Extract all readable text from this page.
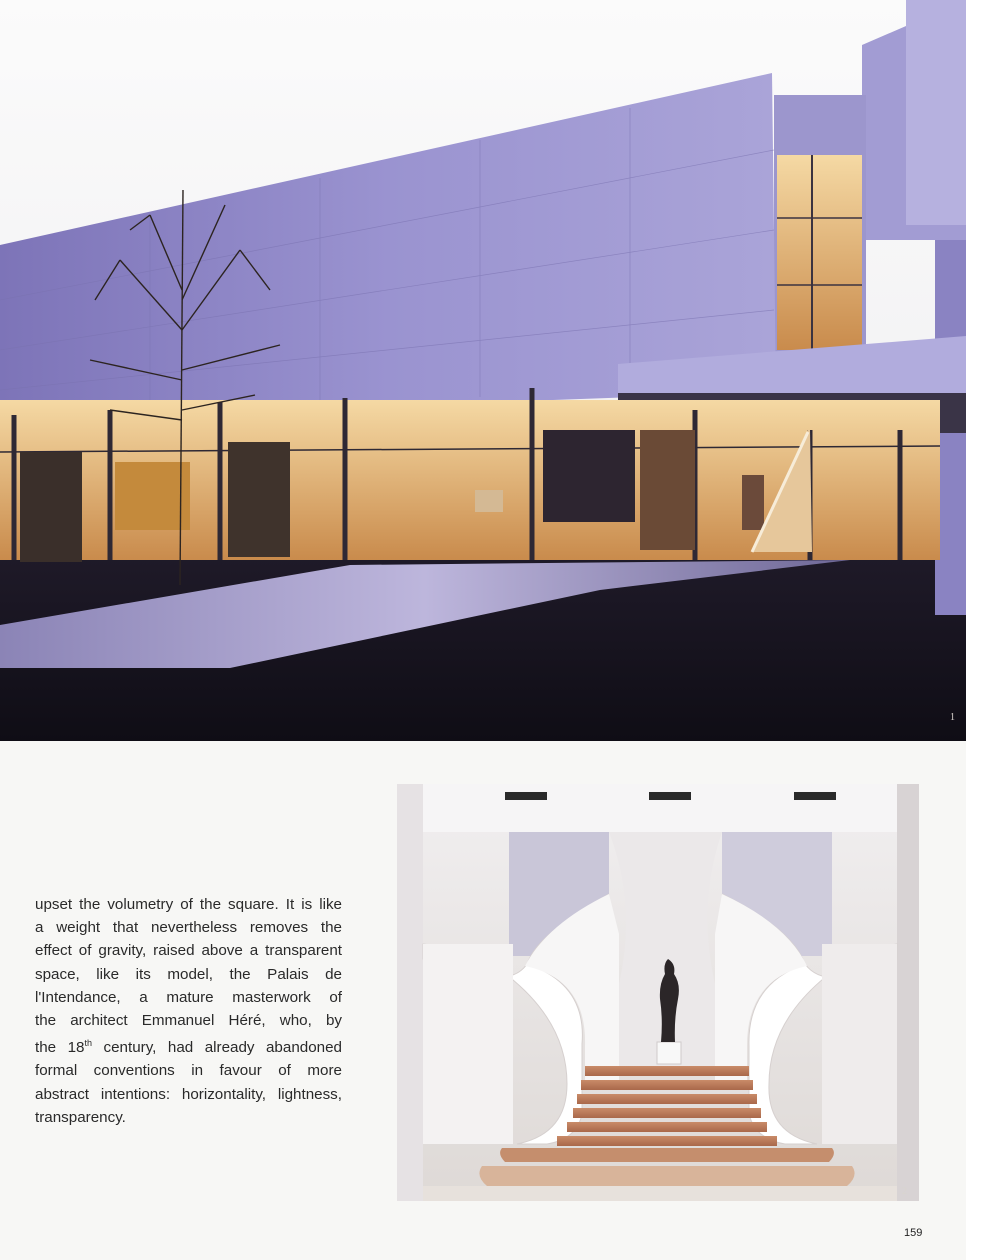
1
2
upset the volumetry of the square. It is like
a weight that nevertheless removes the
effect of gravity, raised above a transparent
space, like its model, the Palais de
l'Intendance, a mature masterwork of
the architect Emmanuel Héré, who, by
the 18th century, had already abandoned
formal conventions in favour of more
abstract intentions: horizontality, lightness,
transparency.
159
